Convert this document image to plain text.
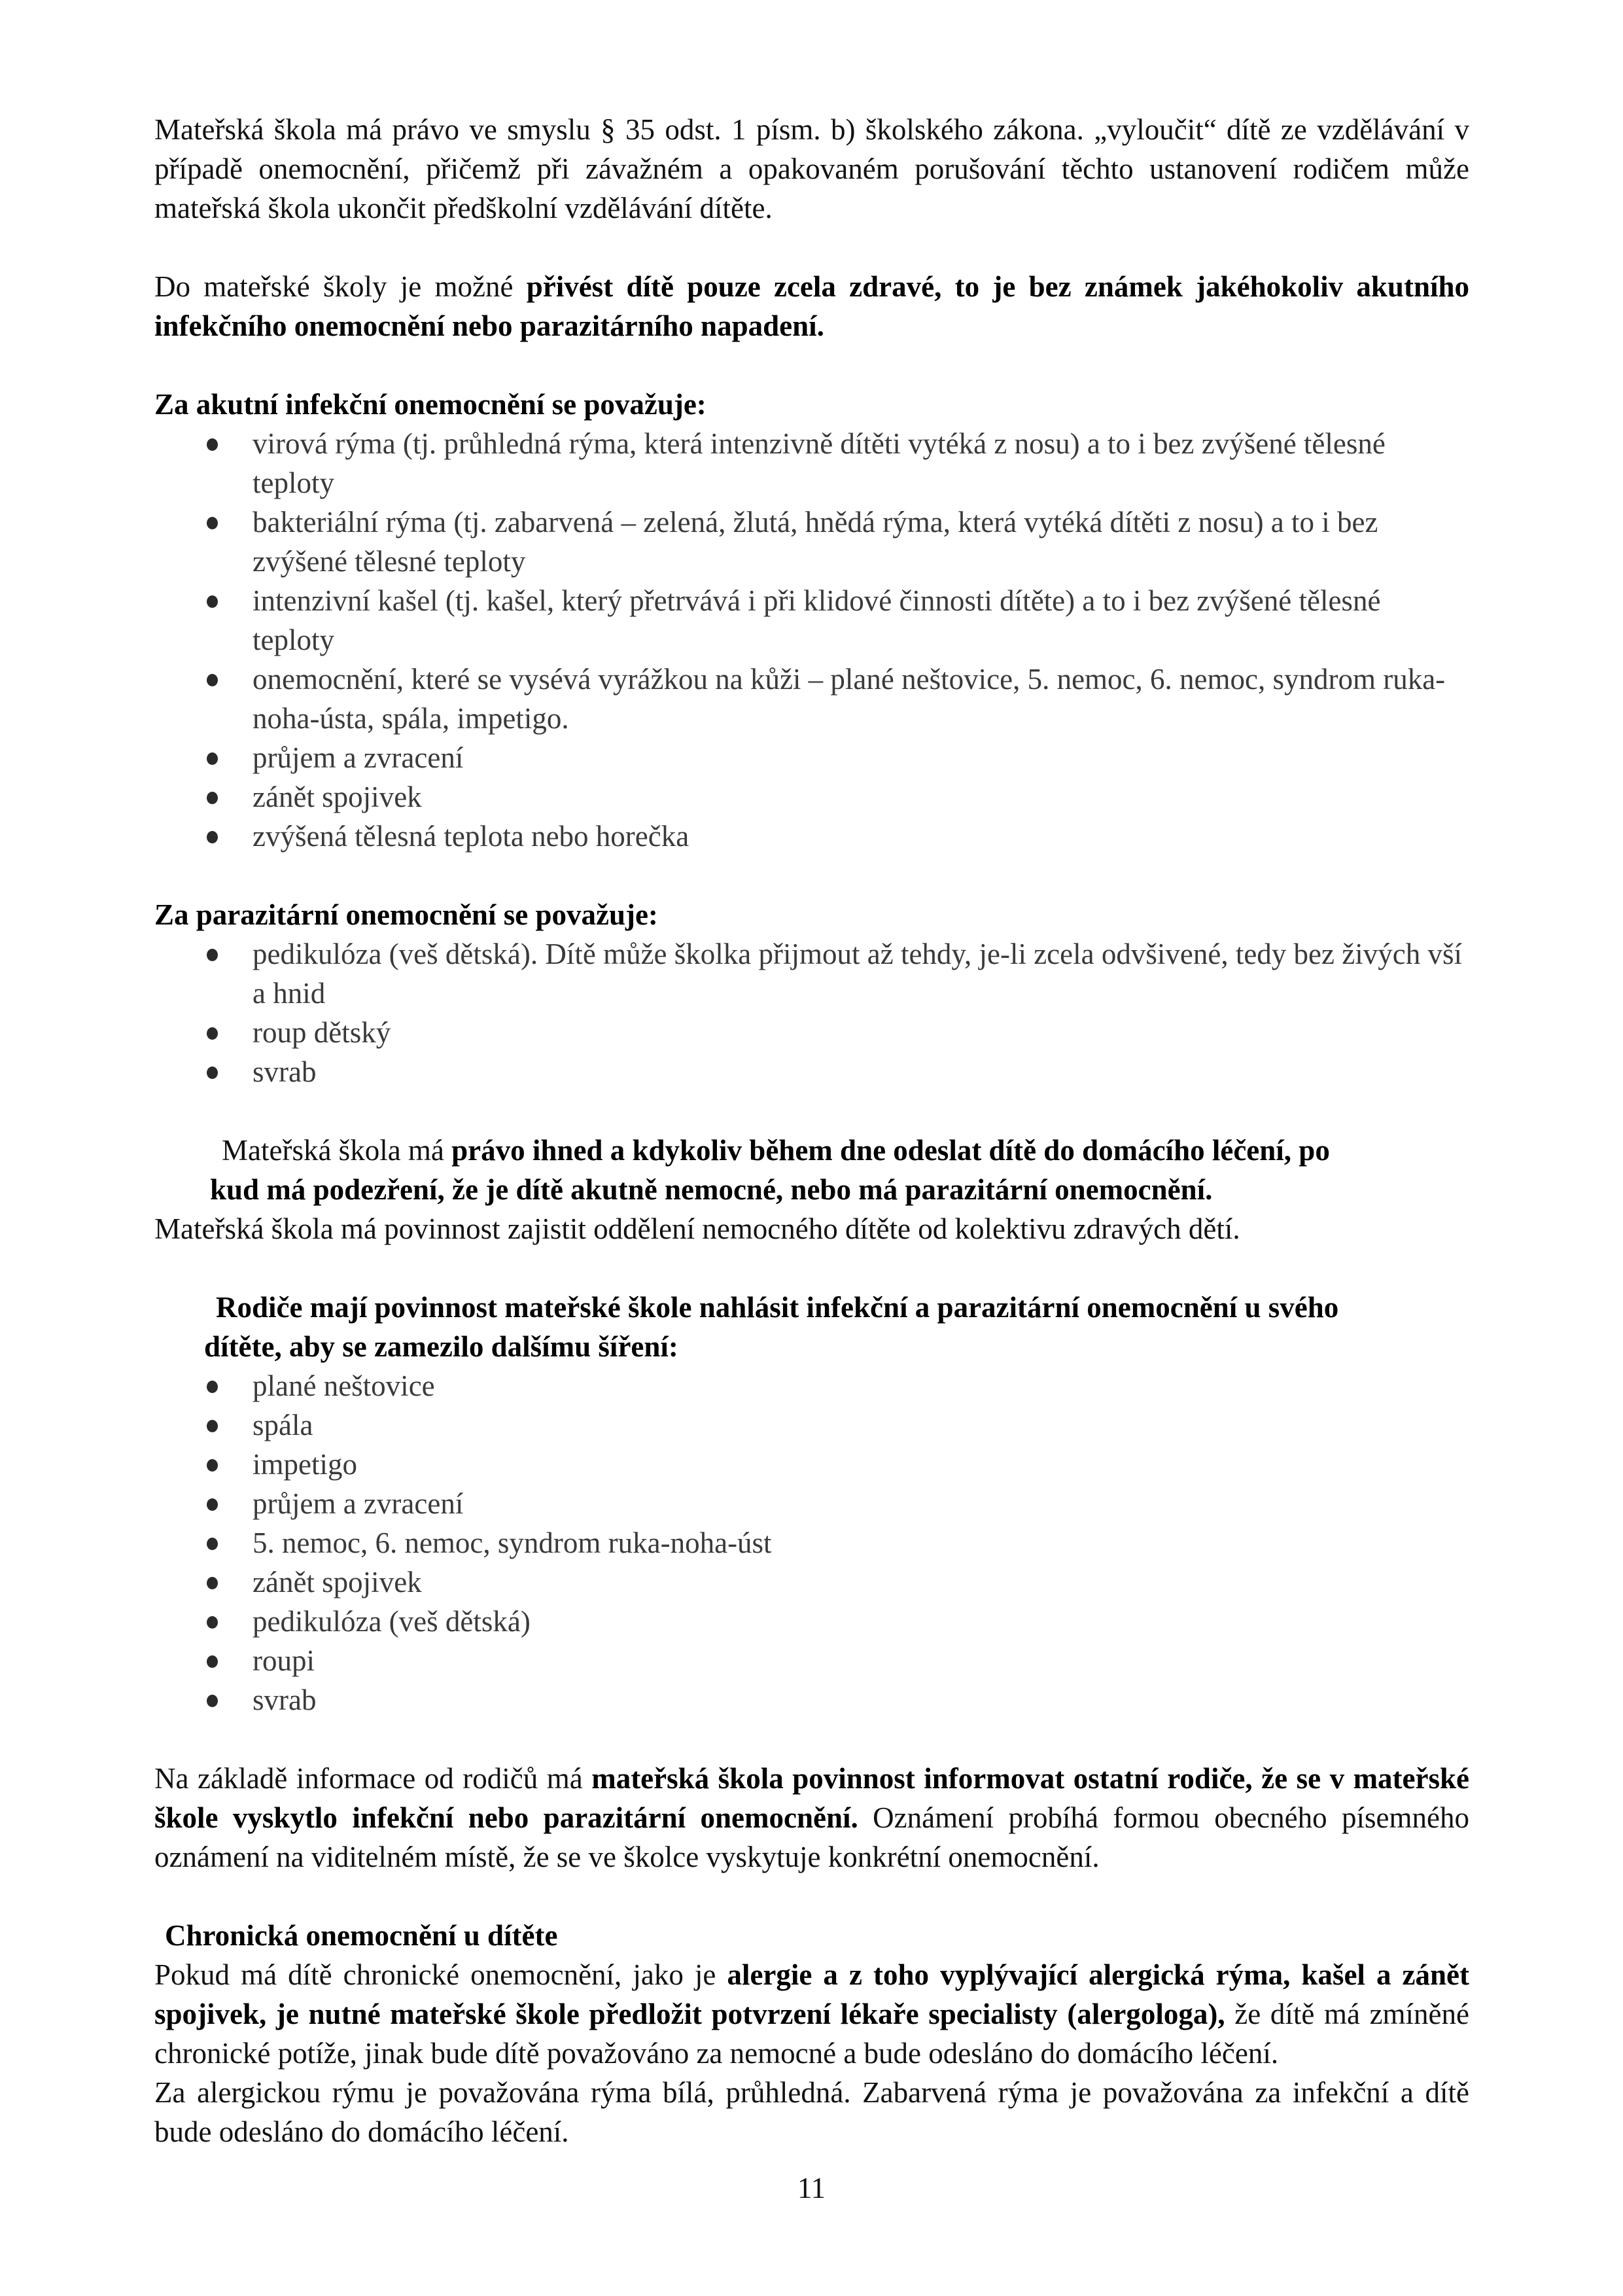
Mateřská škola má právo ve smyslu § 35 odst. 1 písm. b) školského zákona. „vyloučit“ dítě ze vzdělávání v případě onemocnění, přičemž při závažném a opakovaném porušování těchto ustanovení rodičem může mateřská škola ukončit předškolní vzdělávání dítěte.

Do mateřské školy je možné přivést dítě pouze zcela zdravé, to je bez známek jakéhokoliv akutního infekčního onemocnění nebo parazitárního napadení.

Za akutní infekční onemocnění se považuje:

virová rýma (tj. průhledná rýma, která intenzivně dítěti vytéká z nosu) a to i bez zvýšené tělesné teploty
bakteriální rýma (tj. zabarvená – zelená, žlutá, hnědá rýma, která vytéká dítěti z nosu) a to i bez zvýšené tělesné teploty
intenzivní kašel (tj. kašel, který přetrvává i při klidové činnosti dítěte) a to i bez zvýšené tělesné teploty
onemocnění, které se vysévá vyrážkou na kůži – plané neštovice, 5. nemoc, 6. nemoc, syndrom ruka-noha-ústa, spála, impetigo.
průjem a zvracení
zánět spojivek
zvýšená tělesná teplota nebo horečka

Za parazitární onemocnění se považuje:

pedikulóza (veš dětská). Dítě může školka přijmout až tehdy, je-li zcela odvšivené, tedy bez živých vší a hnid
roup dětský
svrab

Mateřská škola má právo ihned a kdykoliv během dne odeslat dítě do domácího léčení, po
kud má podezření, že je dítě akutně nemocné, nebo má parazitární onemocnění.

Mateřská škola má povinnost zajistit oddělení nemocného dítěte od kolektivu zdravých dětí.

Rodiče mají povinnost mateřské škole nahlásit infekční a parazitární onemocnění u svého
dítěte, aby se zamezilo dalšímu šíření:

plané neštovice
spála
impetigo
průjem a zvracení
5. nemoc, 6. nemoc, syndrom ruka-noha-úst
zánět spojivek
pedikulóza (veš dětská)
roupi
svrab

Na základě informace od rodičů má mateřská škola povinnost informovat ostatní rodiče, že se v mateřské škole vyskytlo infekční nebo parazitární onemocnění. Oznámení probíhá formou obecného písemného oznámení na viditelném místě, že se ve školce vyskytuje konkrétní onemocnění.

Chronická onemocnění u dítěte

Pokud má dítě chronické onemocnění, jako je alergie a z toho vyplývající alergická rýma, kašel a zánět spojivek, je nutné mateřské škole předložit potvrzení lékaře specialisty (alergologa), že dítě má zmíněné chronické potíže, jinak bude dítě považováno za nemocné a bude odesláno do domácího léčení.

Za alergickou rýmu je považována rýma bílá, průhledná. Zabarvená rýma je považována za infekční a dítě bude odesláno do domácího léčení.

11
